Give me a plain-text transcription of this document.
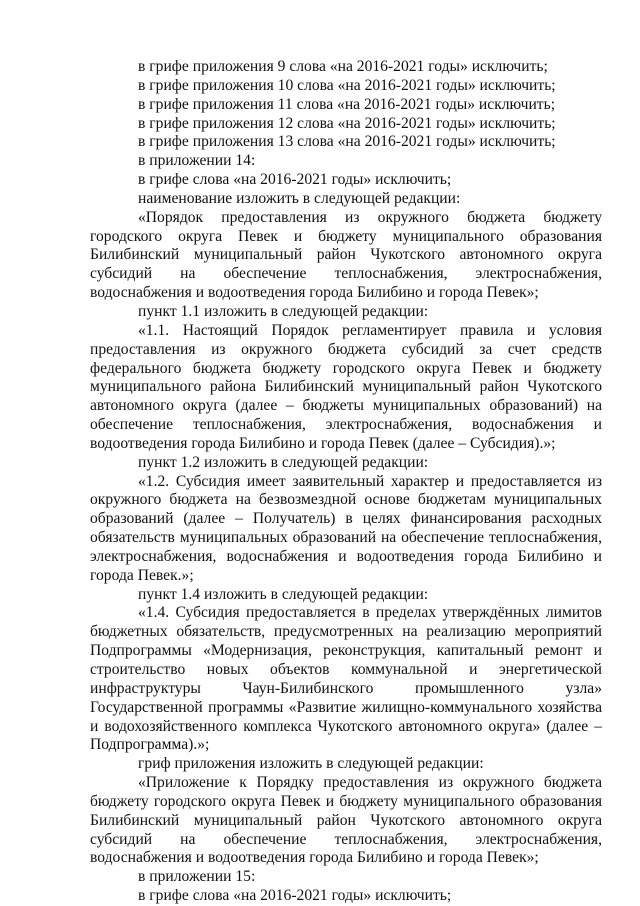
в грифе приложения 9 слова «на 2016-2021 годы» исключить;

в грифе приложения 10 слова «на 2016-2021 годы» исключить;

в грифе приложения 11 слова «на 2016-2021 годы» исключить;

в грифе приложения 12 слова «на 2016-2021 годы» исключить;

в грифе приложения 13 слова «на 2016-2021 годы» исключить;

в приложении 14:

в грифе слова «на 2016-2021 годы» исключить;

наименование изложить в следующей редакции:

«Порядок предоставления из окружного бюджета бюджету городского округа Певек и бюджету муниципального образования Билибинский муниципальный район Чукотского автономного округа субсидий на обеспечение теплоснабжения, электроснабжения, водоснабжения и водоотведения города Билибино и города Певек»;

пункт 1.1 изложить в следующей редакции:

«1.1. Настоящий Порядок регламентирует правила и условия предоставления из окружного бюджета субсидий за счет средств федерального бюджета бюджету городского округа Певек и бюджету муниципального района Билибинский муниципальный район Чукотского автономного округа (далее – бюджеты муниципальных образований) на обеспечение теплоснабжения, электроснабжения, водоснабжения и водоотведения города Билибино и города Певек (далее – Субсидия).»;

пункт 1.2 изложить в следующей редакции:

«1.2. Субсидия имеет заявительный характер и предоставляется из окружного бюджета на безвозмездной основе бюджетам муниципальных образований (далее – Получатель) в целях финансирования расходных обязательств муниципальных образований на обеспечение теплоснабжения, электроснабжения, водоснабжения и водоотведения города Билибино и города Певек.»;

пункт 1.4 изложить в следующей редакции:

«1.4. Субсидия предоставляется в пределах утверждённых лимитов бюджетных обязательств, предусмотренных на реализацию мероприятий Подпрограммы «Модернизация, реконструкция, капитальный ремонт и строительство новых объектов коммунальной и энергетической инфраструктуры Чаун-Билибинского промышленного узла» Государственной программы «Развитие жилищно-коммунального хозяйства и водохозяйственного комплекса Чукотского автономного округа» (далее – Подпрограмма).»;

гриф приложения изложить в следующей редакции:

«Приложение к Порядку предоставления из окружного бюджета бюджету городского округа Певек и бюджету муниципального образования Билибинский муниципальный район Чукотского автономного округа субсидий на обеспечение теплоснабжения, электроснабжения, водоснабжения и водоотведения города Билибино и города Певек»;

в приложении 15:

в грифе слова «на 2016-2021 годы» исключить;
